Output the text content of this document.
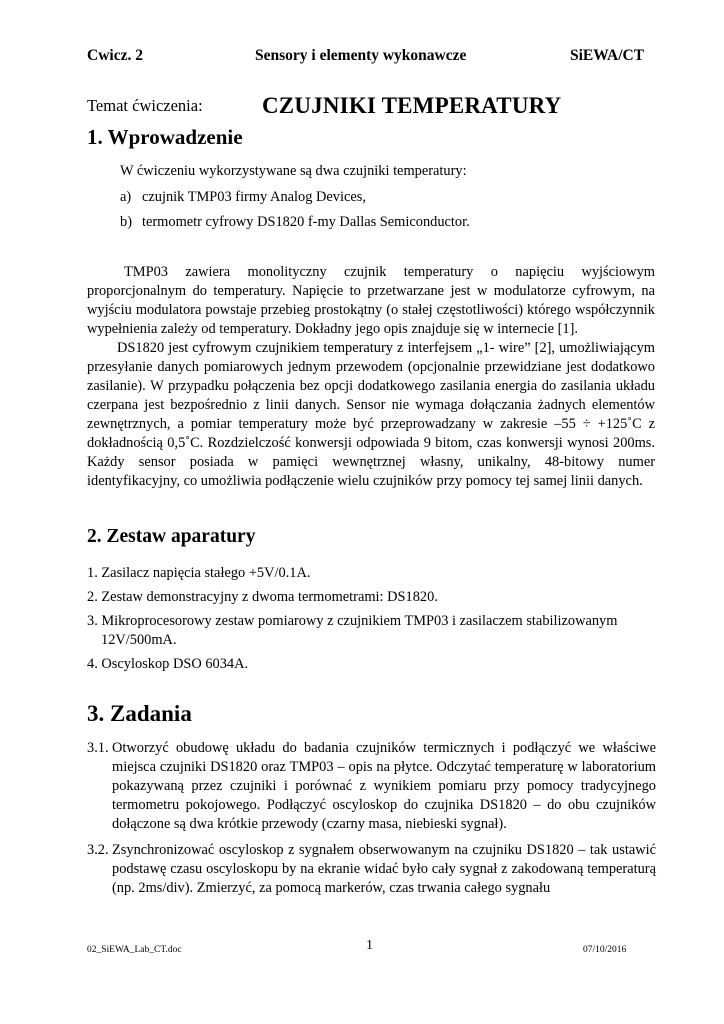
Cwicz. 2	Sensory i elementy wykonawcze	SiEWA/CT
Temat ćwiczenia:	CZUJNIKI TEMPERATURY
1. Wprowadzenie
W ćwiczeniu wykorzystywane są dwa czujniki temperatury:
a) czujnik TMP03 firmy Analog Devices,
b) termometr cyfrowy DS1820 f-my Dallas Semiconductor.
TMP03 zawiera monolityczny czujnik temperatury o napięciu wyjściowym proporcjonalnym do temperatury. Napięcie to przetwarzane jest w modulatorze cyfrowym, na wyjściu modulatora powstaje przebieg prostokątny (o stałej częstotliwości) którego współczynnik wypełnienia zależy od temperatury. Dokładny jego opis znajduje się w internecie [1].
DS1820 jest cyfrowym czujnikiem temperatury z interfejsem „1- wire” [2], umożliwiającym przesyłanie danych pomiarowych jednym przewodem (opcjonalnie przewidziane jest dodatkowo zasilanie). W przypadku połączenia bez opcji dodatkowego zasilania energia do zasilania układu czerpana jest bezpośrednio z linii danych. Sensor nie wymaga dołączania żadnych elementów zewnętrznych, a pomiar temperatury może być przeprowadzany w zakresie –55 ÷ +125˚C z dokładnością 0,5˚C. Rozdzielczość konwersji odpowiada 9 bitom, czas konwersji wynosi 200ms. Każdy sensor posiada w pamięci wewnętrznej własny, unikalny, 48-bitowy numer identyfikacyjny, co umożliwia podłączenie wielu czujników przy pomocy tej samej linii danych.
2. Zestaw aparatury
1. Zasilacz napięcia stałego +5V/0.1A.
2. Zestaw demonstracyjny z dwoma termometrami: DS1820.
3. Mikroprocesorowy zestaw pomiarowy z czujnikiem TMP03 i zasilaczem stabilizowanym
12V/500mA.
4. Oscyloskop DSO 6034A.
3. Zadania
3.1. Otworzyć obudowę układu do badania czujników termicznych i podłączyć we właściwe miejsca czujniki DS1820 oraz TMP03 – opis na płytce. Odczytać temperaturę w laboratorium pokazywaną przez czujniki i porównać z wynikiem pomiaru przy pomocy tradycyjnego termometru pokojowego. Podłączyć oscyloskop do czujnika DS1820 – do obu czujników dołączone są dwa krótkie przewody (czarny masa, niebieski sygnał).
3.2. Zsynchronizować oscyloskop z sygnałem obserwowanym na czujniku DS1820 – tak ustawić podstawę czasu oscyloskopu by na ekranie widać było cały sygnał z zakodowaną temperaturą (np. 2ms/div). Zmierzyć, za pomocą markerów, czas trwania całego sygnału
02_SiEWA_Lab_CT.doc	1	07/10/2016
